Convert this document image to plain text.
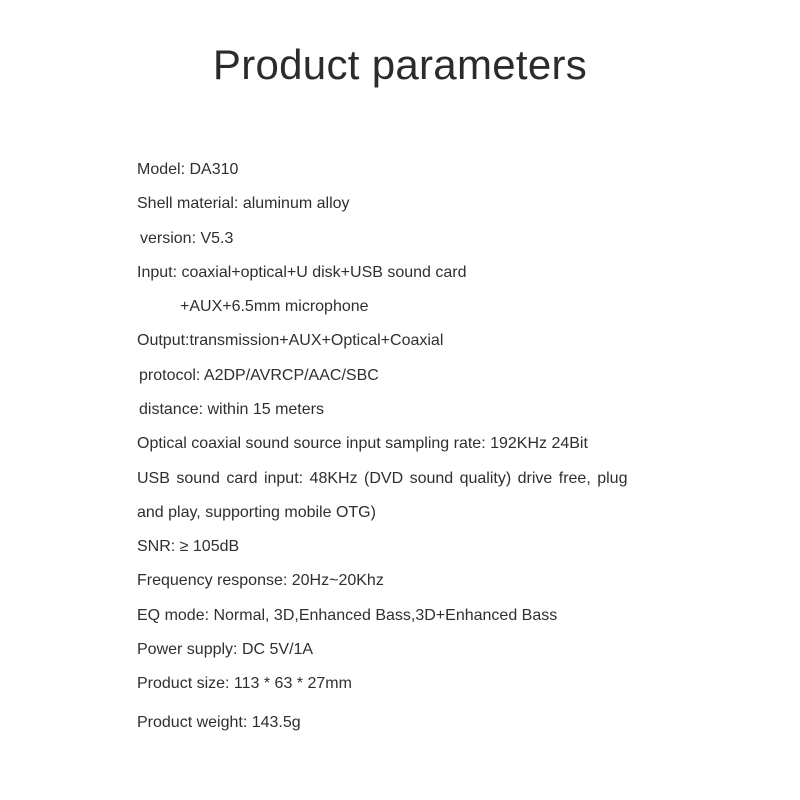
Product parameters
Model: DA310
Shell material: aluminum alloy
version: V5.3
Input: coaxial+optical+U disk+USB sound card
+AUX+6.5mm microphone
Output:transmission+AUX+Optical+Coaxial
protocol: A2DP/AVRCP/AAC/SBC
distance: within 15 meters
Optical coaxial sound source input sampling rate: 192KHz 24Bit
USB sound card input: 48KHz (DVD sound quality) drive free, plug
and play, supporting mobile OTG)
SNR: ≥ 105dB
Frequency response: 20Hz~20Khz
EQ mode: Normal, 3D,Enhanced Bass,3D+Enhanced Bass
Power supply: DC 5V/1A
Product size: 113 * 63 * 27mm
Product weight: 143.5g
